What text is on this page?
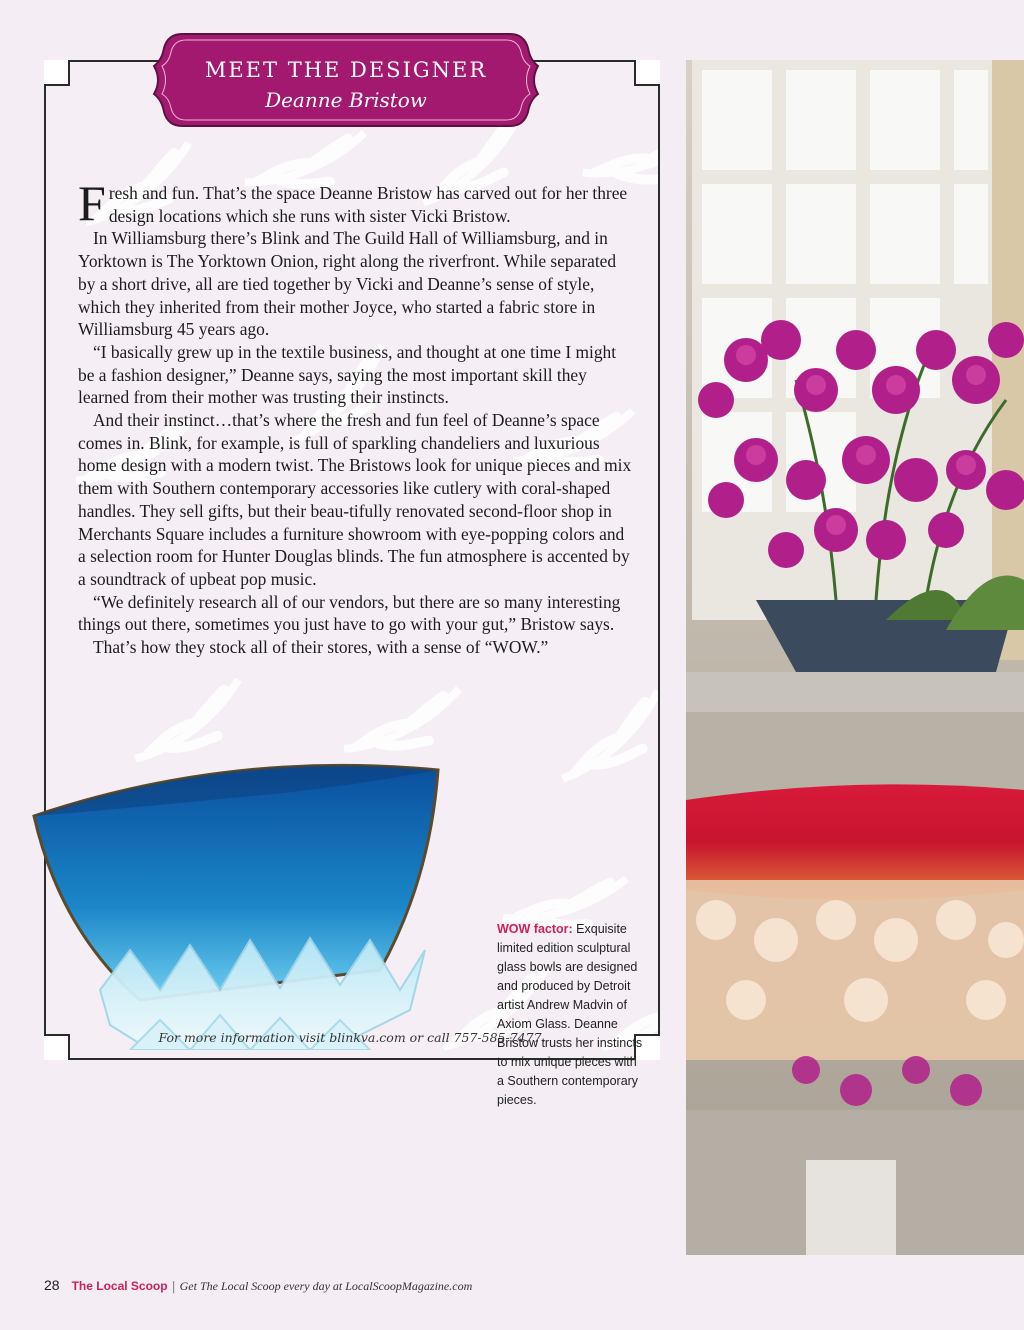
MEET THE DESIGNER
Deanne Bristow

Fresh and fun. That’s the space Deanne Bristow has carved out for her three design locations which she runs with sister Vicki Bristow.

In Williamsburg there’s Blink and The Guild Hall of Williamsburg, and in Yorktown is The Yorktown Onion, right along the riverfront. While separated by a short drive, all are tied together by Vicki and Deanne’s sense of style, which they inherited from their mother Joyce, who started a fabric store in Williamsburg 45 years ago.

“I basically grew up in the textile business, and thought at one time I might be a fashion designer,” Deanne says, saying the most important skill they learned from their mother was trusting their instincts.

And their instinct…that’s where the fresh and fun feel of Deanne’s space comes in. Blink, for example, is full of sparkling chandeliers and luxurious home design with a modern twist. The Bristows look for unique pieces and mix them with Southern contemporary accessories like cutlery with coral-shaped handles. They sell gifts, but their beau-tifully renovated second-floor shop in Merchants Square includes a furniture showroom with eye-popping colors and a selection room for Hunter Douglas blinds. The fun atmosphere is accented by a soundtrack of upbeat pop music.

“We definitely research all of our vendors, but there are so many interesting things out there, sometimes you just have to go with your gut,” Bristow says.

That’s how they stock all of their stores, with a sense of “WOW.”

WOW factor: Exquisite limited edition sculptural glass bowls are designed and produced by Detroit artist Andrew Madvin of Axiom Glass. Deanne Bristow trusts her instincts to mix unique pieces with a Southern contemporary pieces.
For more information visit blinkva.com or call 757-585-7477.
28 The Local Scoop | Get The Local Scoop every day at LocalScoopMagazine.com
